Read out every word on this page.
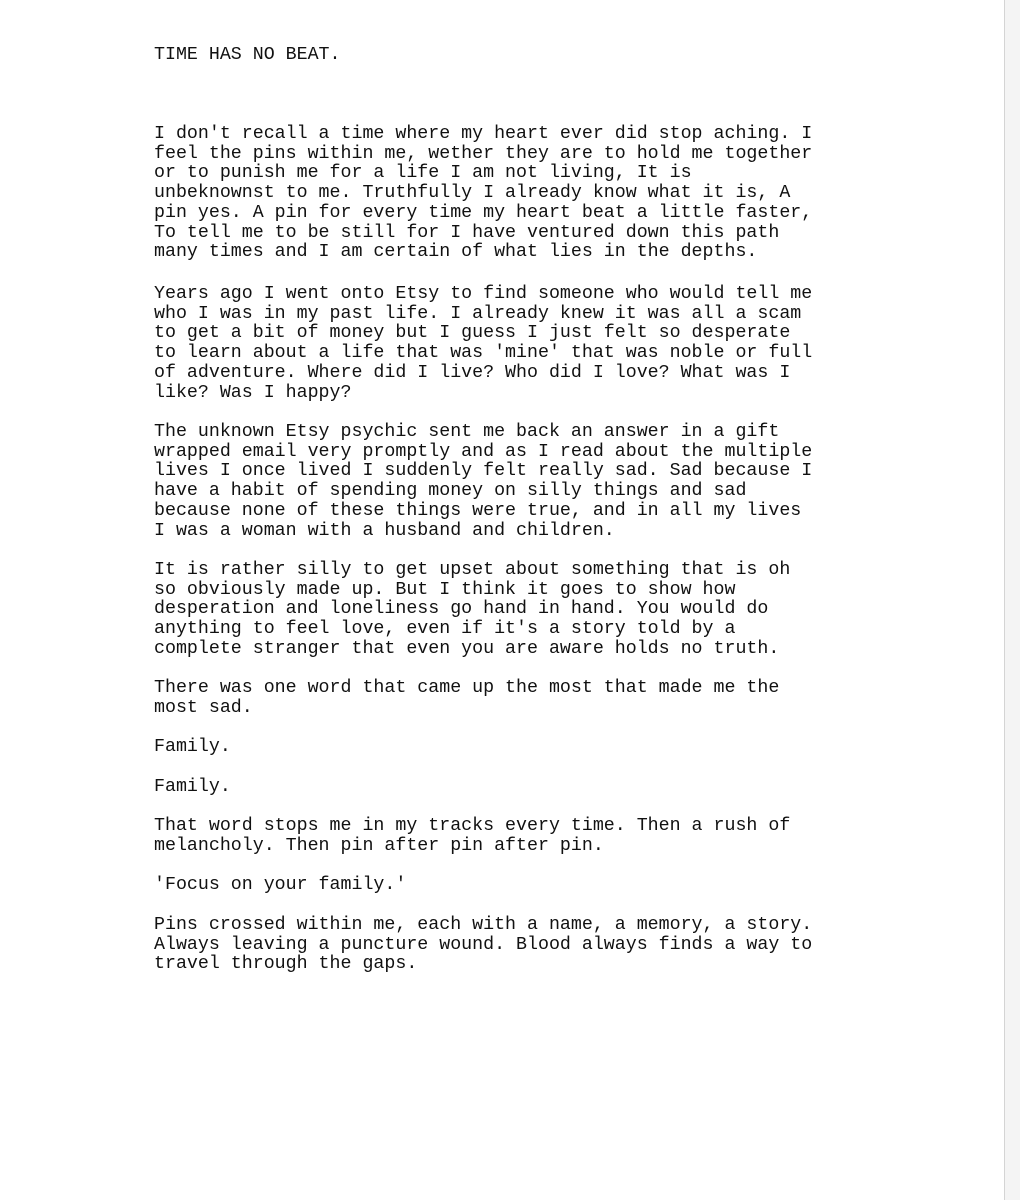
TIME HAS NO BEAT.

I don't recall a time where my heart ever did stop aching. I
feel the pins within me, wether they are to hold me together
or to punish me for a life I am not living, It is
unbeknownst to me. Truthfully I already know what it is, A
pin yes. A pin for every time my heart beat a little faster,
To tell me to be still for I have ventured down this path
many times and I am certain of what lies in the depths.

Years ago I went onto Etsy to find someone who would tell me
who I was in my past life. I already knew it was all a scam
to get a bit of money but I guess I just felt so desperate
to learn about a life that was 'mine' that was noble or full
of adventure. Where did I live? Who did I love? What was I
like? Was I happy?

The unknown Etsy psychic sent me back an answer in a gift
wrapped email very promptly and as I read about the multiple
lives I once lived I suddenly felt really sad. Sad because I
have a habit of spending money on silly things and sad
because none of these things were true, and in all my lives
I was a woman with a husband and children.

It is rather silly to get upset about something that is oh
so obviously made up. But I think it goes to show how
desperation and loneliness go hand in hand. You would do
anything to feel love, even if it's a story told by a
complete stranger that even you are aware holds no truth.

There was one word that came up the most that made me the
most sad.

Family.

Family.

That word stops me in my tracks every time. Then a rush of
melancholy. Then pin after pin after pin.

'Focus on your family.'

Pins crossed within me, each with a name, a memory, a story.
Always leaving a puncture wound. Blood always finds a way to
travel through the gaps.
